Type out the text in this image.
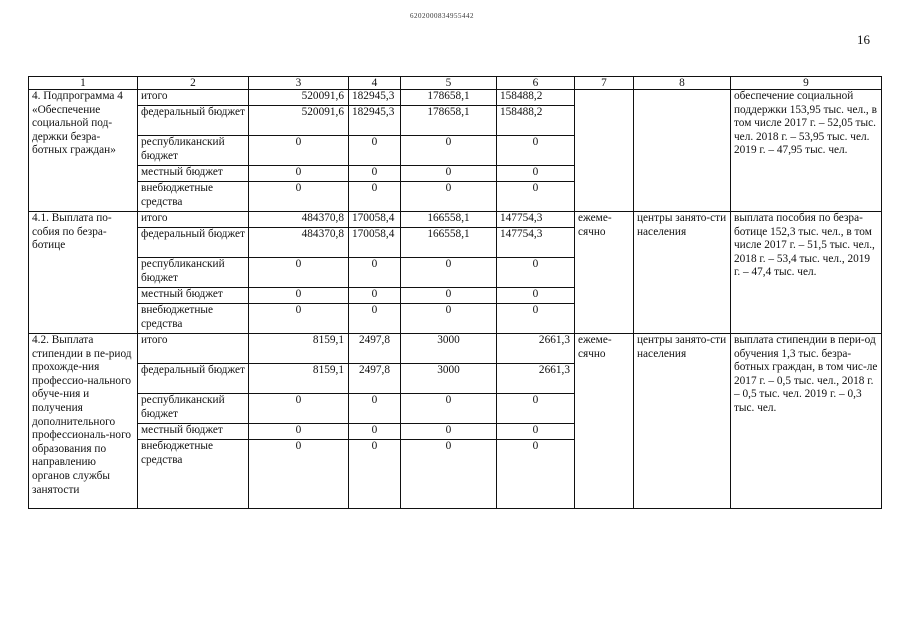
6202000834955442
16
1	2	3	4	5	6	7	8	9
4. Подпрограмма 4 «Обеспечение социальной под-держки безра-ботных граждан»	итого	520091,6	182945,3	178658,1	158488,2			обеспечение социальной поддержки 153,95 тыс. чел., в том числе 2017 г. – 52,05 тыс. чел. 2018 г. – 53,95 тыс. чел. 2019 г. – 47,95 тыс. чел.
	федеральный бюджет	520091,6	182945,3	178658,1	158488,2			
	республиканский бюджет	0	0	0	0			
	местный бюджет	0	0	0	0			
	внебюджетные средства	0	0	0	0			
4.1. Выплата по-собия по безра-ботице	итого	484370,8	170058,4	166558,1	147754,3	ежеме-сячно	центры занято-сти населения	выплата пособия по безра-ботице 152,3 тыс. чел., в том числе 2017 г. – 51,5 тыс. чел., 2018 г. – 53,4 тыс. чел., 2019 г. – 47,4 тыс. чел.
	федеральный бюджет	484370,8	170058,4	166558,1	147754,3			
	республиканский бюджет	0	0	0	0			
	местный бюджет	0	0	0	0			
	внебюджетные средства	0	0	0	0			
4.2. Выплата стипендии в пе-риод прохожде-ния профессио-нального обуче-ния и получения дополнительного профессиональ-ного образования по направлению органов службы занятости	итого	8159,1	2497,8	3000	2661,3	ежеме-сячно	центры занято-сти населения	выплата стипендии в пери-од обучения 1,3 тыс. безра-ботных граждан, в том чис-ле 2017 г. – 0,5 тыс. чел., 2018 г. – 0,5 тыс. чел. 2019 г. – 0,3 тыс. чел.
	федеральный бюджет	8159,1	2497,8	3000	2661,3			
	республиканский бюджет	0	0	0	0			
	местный бюджет	0	0	0	0			
	внебюджетные средства	0	0	0	0			
